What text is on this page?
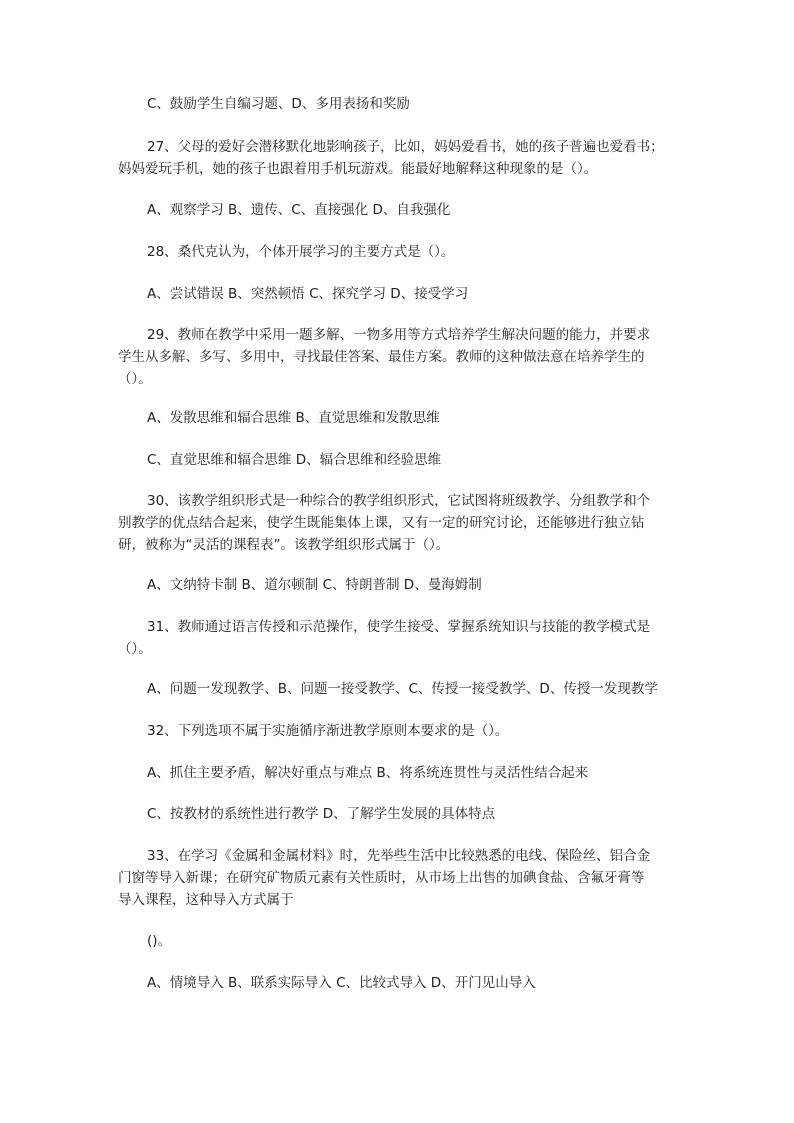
C、鼓励学生自编习题、D、多用表扬和奖励
27、父母的爱好会潜移默化地影响孩子，比如，妈妈爱看书，她的孩子普遍也爱看书；
妈妈爱玩手机，她的孩子也跟着用手机玩游戏。能最好地解释这种现象的是（）。
A、观察学习 B、遗传、C、直接强化 D、自我强化
28、桑代克认为，个体开展学习的主要方式是（）。
A、尝试错误 B、突然顿悟 C、探究学习 D、接受学习
29、教师在教学中采用一题多解、一物多用等方式培养学生解决问题的能力，并要求
学生从多解、多写、多用中，寻找最佳答案、最佳方案。教师的这种做法意在培养学生的
（）。
A、发散思维和辐合思维 B、直觉思维和发散思维
C、直觉思维和辐合思维 D、辐合思维和经验思维
30、该教学组织形式是一种综合的教学组织形式，它试图将班级教学、分组教学和个
别教学的优点结合起来，使学生既能集体上课，又有一定的研究讨论，还能够进行独立钻
研，被称为“灵活的课程表”。该教学组织形式属于（）。
A、文纳特卡制 B、道尔顿制 C、特朗普制 D、曼海姆制
31、教师通过语言传授和示范操作，使学生接受、掌握系统知识与技能的教学模式是
（）。
A、问题一发现教学、B、问题一接受教学、C、传授一接受教学、D、传授一发现教学
32、下列选项不属于实施循序渐进教学原则本要求的是（）。
A、抓住主要矛盾，解决好重点与难点 B、将系统连贯性与灵活性结合起来
C、按教材的系统性进行教学 D、了解学生发展的具体特点
33、在学习《金属和金属材料》时，先举些生活中比较熟悉的电线、保险丝、铝合金
门窗等导入新课；在研究矿物质元素有关性质时，从市场上出售的加碘食盐、含氟牙膏等
导入课程，这种导入方式属于
()。
A、情境导入 B、联系实际导入 C、比较式导入 D、开门见山导入
